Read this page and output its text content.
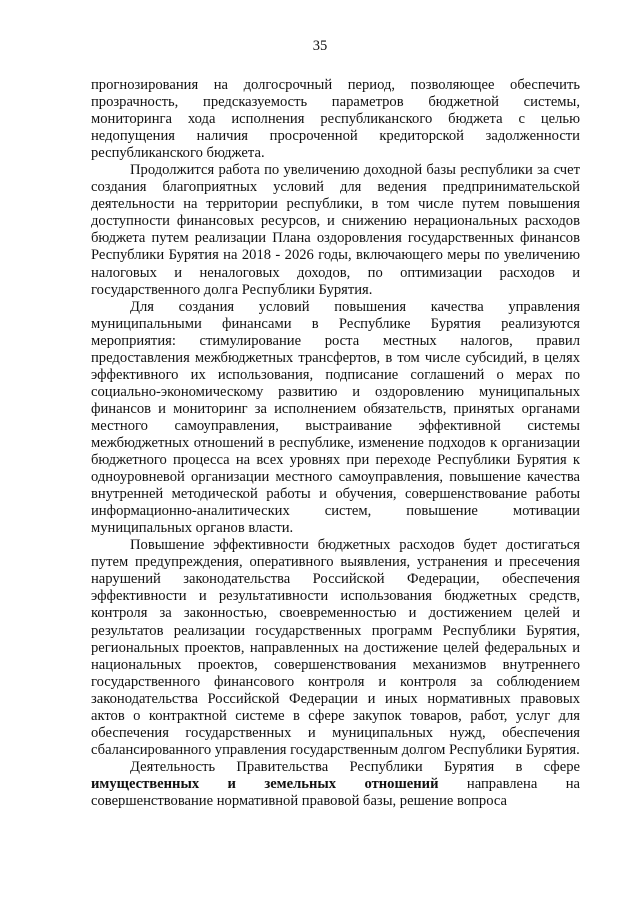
35

прогнозирования на долгосрочный период, позволяющее обеспечить прозрачность, предсказуемость параметров бюджетной системы, мониторинга хода исполнения республиканского бюджета с целью недопущения наличия просроченной кредиторской задолженности республиканского бюджета.

Продолжится работа по увеличению доходной базы республики за счет создания благоприятных условий для ведения предпринимательской деятельности на территории республики, в том числе путем повышения доступности финансовых ресурсов, и снижению нерациональных расходов бюджета путем реализации Плана оздоровления государственных финансов Республики Бурятия на 2018 - 2026 годы, включающего меры по увеличению налоговых и неналоговых доходов, по оптимизации расходов и государственного долга Республики Бурятия.

Для создания условий повышения качества управления муниципальными финансами в Республике Бурятия реализуются мероприятия: стимулирование роста местных налогов, правил предоставления межбюджетных трансфертов, в том числе субсидий, в целях эффективного их использования, подписание соглашений о мерах по социально-экономическому развитию и оздоровлению муниципальных финансов и мониторинг за исполнением обязательств, принятых органами местного самоуправления, выстраивание эффективной системы межбюджетных отношений в республике, изменение подходов к организации бюджетного процесса на всех уровнях при переходе Республики Бурятия к одноуровневой организации местного самоуправления, повышение качества внутренней методической работы и обучения, совершенствование работы информационно-аналитических систем, повышение мотивации муниципальных органов власти.

Повышение эффективности бюджетных расходов будет достигаться путем предупреждения, оперативного выявления, устранения и пресечения нарушений законодательства Российской Федерации, обеспечения эффективности и результативности использования бюджетных средств, контроля за законностью, своевременностью и достижением целей и результатов реализации государственных программ Республики Бурятия, региональных проектов, направленных на достижение целей федеральных и национальных проектов, совершенствования механизмов внутреннего государственного финансового контроля и контроля за соблюдением законодательства Российской Федерации и иных нормативных правовых актов о контрактной системе в сфере закупок товаров, работ, услуг для обеспечения государственных и муниципальных нужд, обеспечения сбалансированного управления государственным долгом Республики Бурятия.

Деятельность Правительства Республики Бурятия в сфере имущественных и земельных отношений направлена на совершенствование нормативной правовой базы, решение вопроса
